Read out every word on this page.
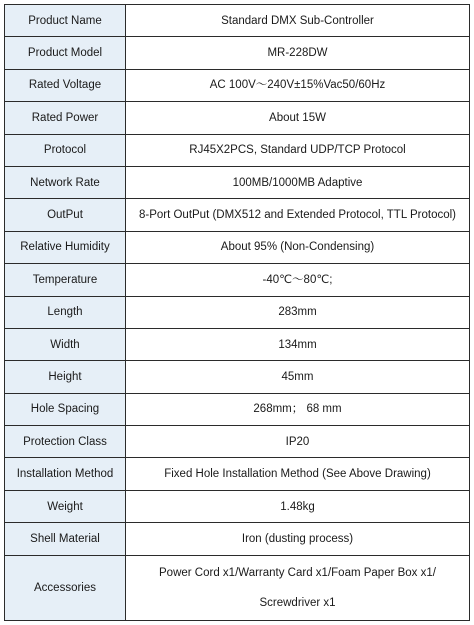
Product Name	Standard DMX Sub-Controller
Product Model	MR-228DW
Rated Voltage	AC 100V～240V±15%Vac50/60Hz
Rated Power	About 15W
Protocol	RJ45X2PCS, Standard UDP/TCP Protocol
Network Rate	100MB/1000MB Adaptive
OutPut	8-Port OutPut (DMX512 and Extended Protocol, TTL Protocol)
Relative Humidity	About 95% (Non-Condensing)
Temperature	-40℃～80℃;
Length	283mm
Width	134mm
Height	45mm
Hole Spacing	268mm； 68 mm
Protection Class	IP20
Installation Method	Fixed Hole Installation Method (See Above Drawing)
Weight	1.48kg
Shell Material	Iron (dusting process)
Accessories	Power Cord x1/Warranty Card x1/Foam Paper Box x1/ Screwdriver x1
